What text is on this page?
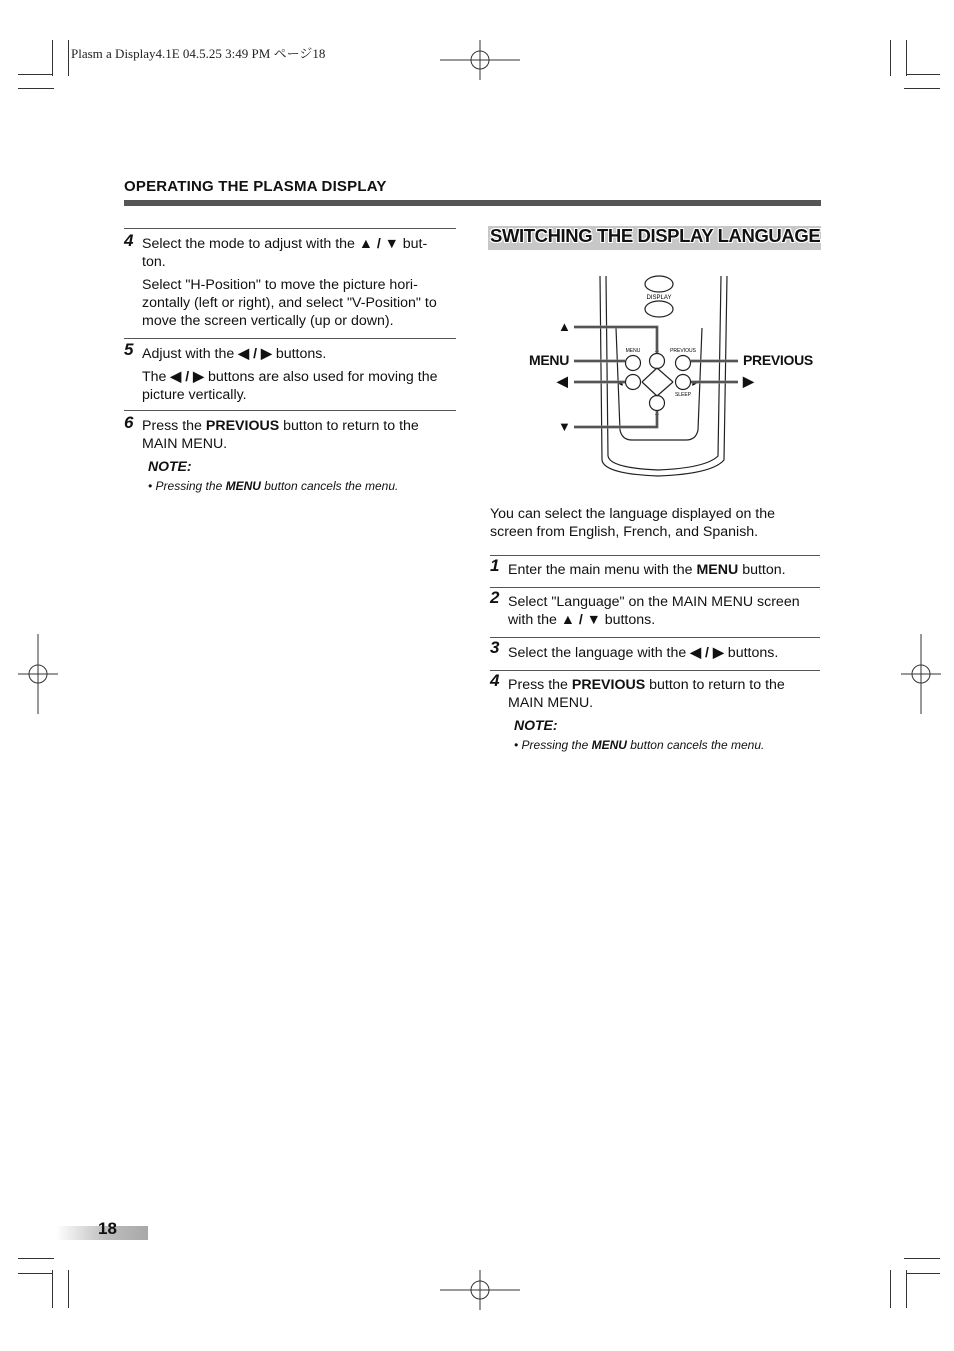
Plasm a Display4.1E 04.5.25 3:49 PM ページ18
OPERATING THE PLASMA DISPLAY
4 Select the mode to adjust with the ▲ / ▼ but-
ton.

Select "H-Position" to move the picture hori-zontally (left or right), and select "V-Position" to move the screen vertically (up or down).

5 Adjust with the ◀ / ▶ buttons.

The ◀ / ▶ buttons are also used for moving the picture vertically.

6 Press the PREVIOUS button to return to the MAIN MENU.

NOTE:

• Pressing the MENU button cancels the menu.

SWITCHING THE DISPLAY LANGUAGE
DISPLAY
MENU	PREVIOUS
SLEEP
▲
▼
◀	▶
▲
MENU
◀
▼
PREVIOUS
▶
You can select the language displayed on the screen from English, French, and Spanish.
1 Enter the main menu with the MENU button.

2 Select "Language" on the MAIN MENU screen
with the ▲ / ▼ buttons.

3 Select the language with the ◀ / ▶ buttons.

4 Press the PREVIOUS button to return to the MAIN MENU.

NOTE:

• Pressing the MENU button cancels the menu.

18
